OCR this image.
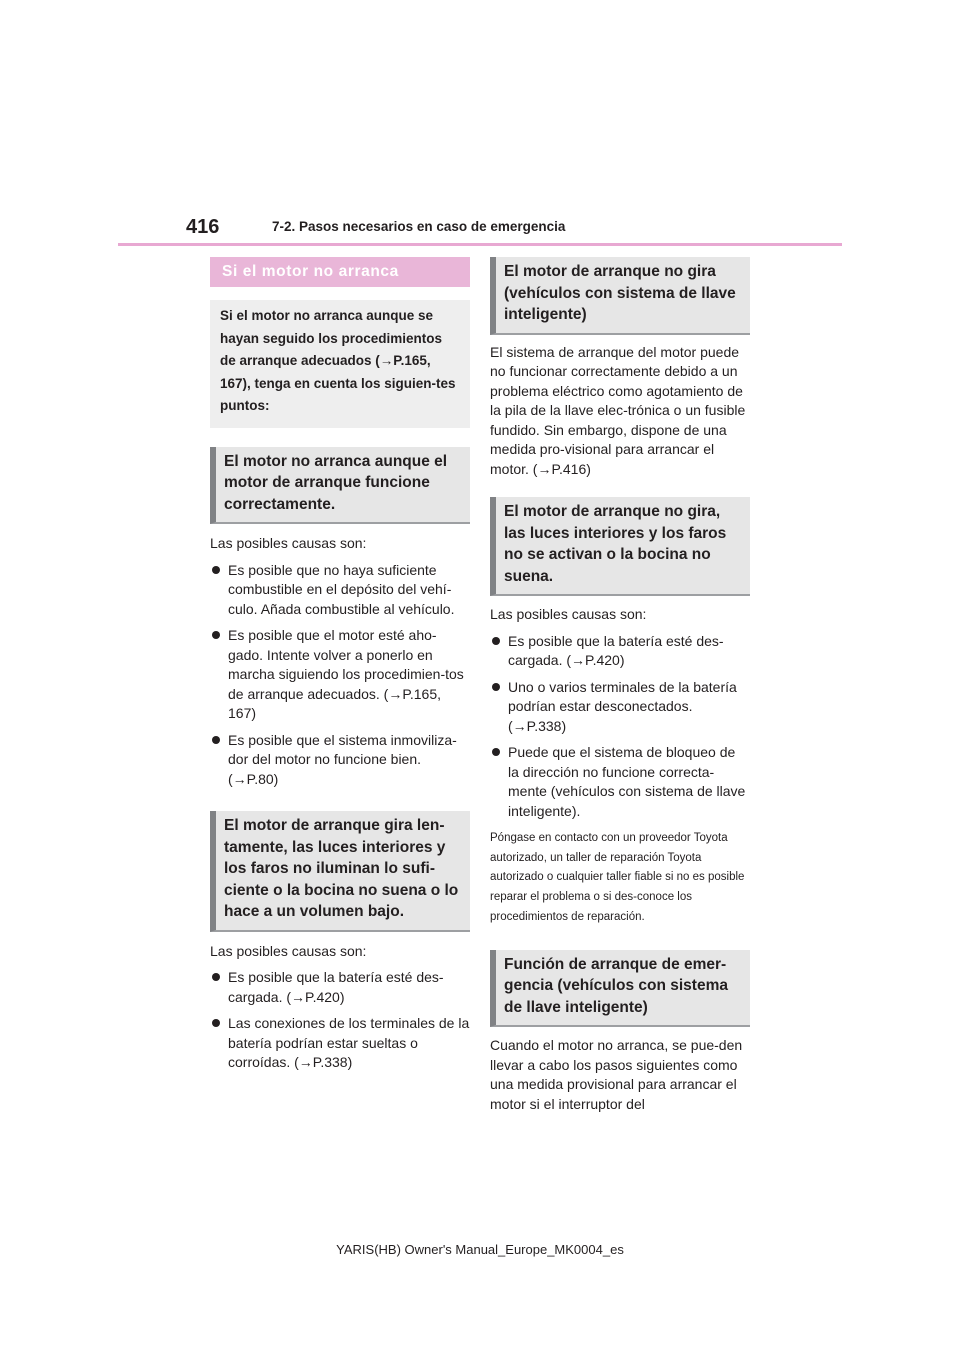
416	7-2. Pasos necesarios en caso de emergencia
Si el motor no arranca
Si el motor no arranca aunque se hayan seguido los procedimientos de arranque adecuados (→P.165, 167), tenga en cuenta los siguien-tes puntos:
El motor no arranca aunque el motor de arranque funcione correctamente.

Las posibles causas son:

Es posible que no haya suficiente combustible en el depósito del vehí-culo. Añada combustible al vehículo.
Es posible que el motor esté aho-gado. Intente volver a ponerlo en marcha siguiendo los procedimien-tos de arranque adecuados. (→P.165, 167)
Es posible que el sistema inmoviliza-dor del motor no funcione bien. (→P.80)
El motor de arranque gira len-tamente, las luces interiores y los faros no iluminan lo sufi-ciente o la bocina no suena o lo hace a un volumen bajo.

Las posibles causas son:

Es posible que la batería esté des-cargada. (→P.420)
Las conexiones de los terminales de la batería podrían estar sueltas o corroídas. (→P.338)
El motor de arranque no gira (vehículos con sistema de llave inteligente)

El sistema de arranque del motor puede no funcionar correctamente debido a un problema eléctrico como agotamiento de la pila de la llave elec-trónica o un fusible fundido. Sin embargo, dispone de una medida pro-visional para arrancar el motor. (→P.416)

El motor de arranque no gira, las luces interiores y los faros no se activan o la bocina no suena.

Las posibles causas son:

Es posible que la batería esté des-cargada. (→P.420)
Uno o varios terminales de la batería podrían estar desconectados. (→P.338)
Puede que el sistema de bloqueo de la dirección no funcione correcta-mente (vehículos con sistema de llave inteligente).

Póngase en contacto con un proveedor Toyota autorizado, un taller de reparación Toyota autorizado o cualquier taller fiable si no es posible reparar el problema o si des-conoce los procedimientos de reparación.

Función de arranque de emer-gencia (vehículos con sistema de llave inteligente)

Cuando el motor no arranca, se pue-den llevar a cabo los pasos siguientes como una medida provisional para arrancar el motor si el interruptor del

YARIS(HB) Owner's Manual_Europe_MK0004_es
